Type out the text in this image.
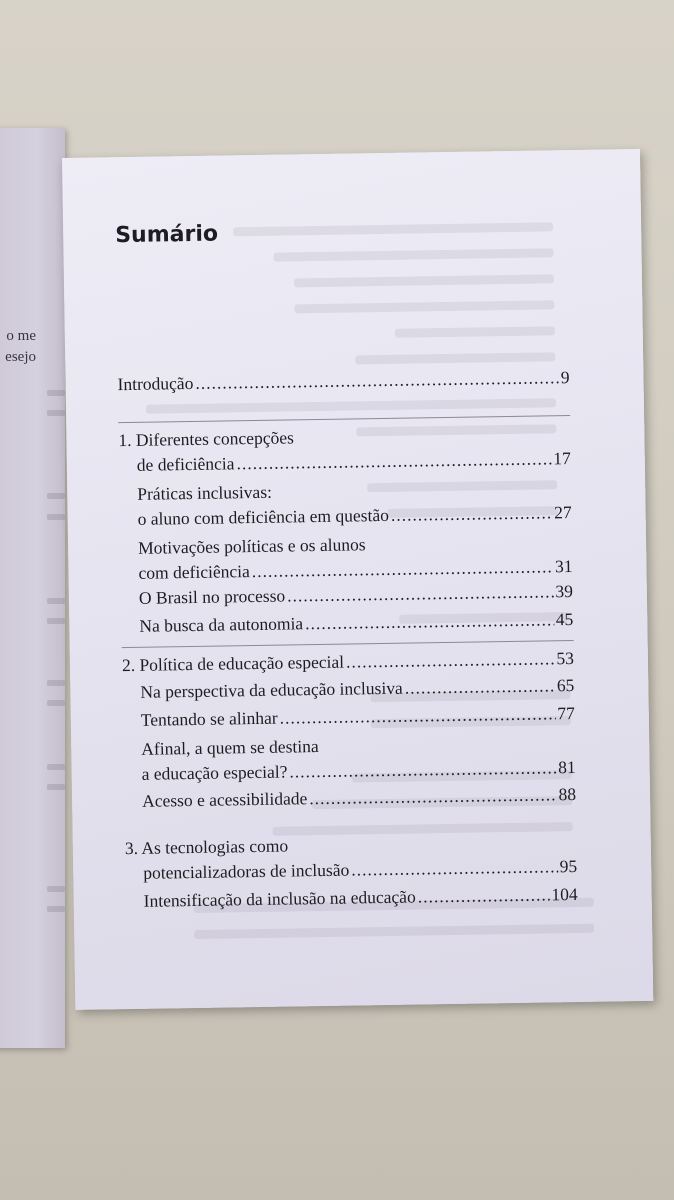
o me
esejo
Sumário
Introdução .....	9
1. Diferentes concepções
de deficiência .....	17
Práticas inclusivas:
o aluno com deficiência em questão .....	27
Motivações políticas e os alunos
com deficiência .....	31
O Brasil no processo .....	39
Na busca da autonomia .....	45
2. Política de educação especial .....	53
Na perspectiva da educação inclusiva .....	65
Tentando se alinhar .....	77
Afinal, a quem se destina
a educação especial? .....	81
Acesso e acessibilidade .....	88
3. As tecnologias como
potencializadoras de inclusão .....	95
Intensificação da inclusão na educação .....	104
